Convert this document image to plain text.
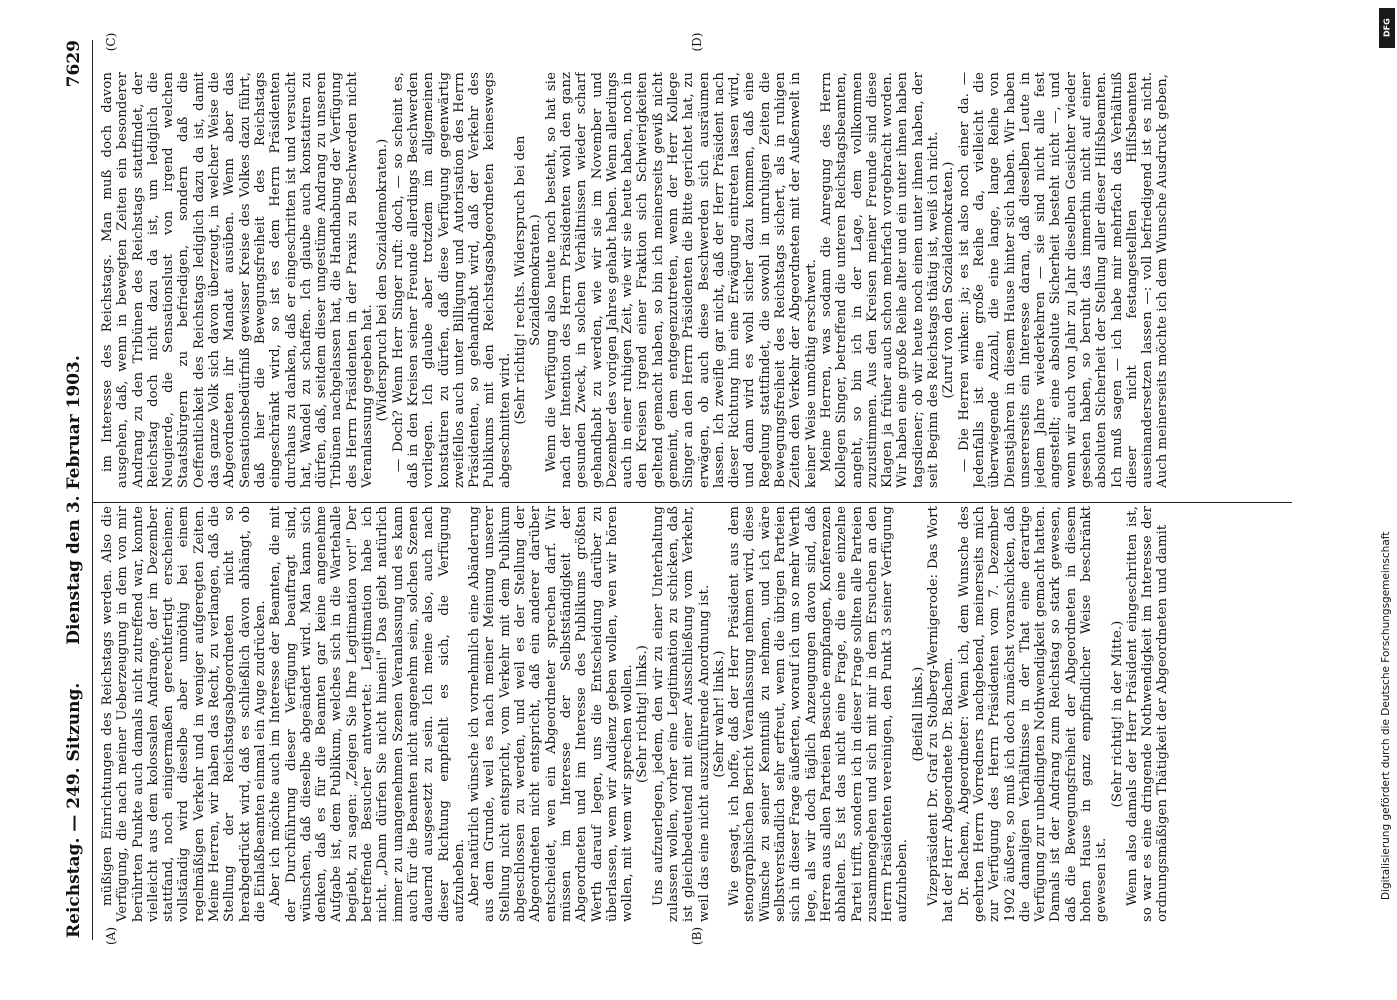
Reichstag. — 249. Sitzung.
Dienstag den 3. Februar 1903.
7629
(A)	(B)
(C)	(D)

müßigen Einrichtungen des Reichstags werden. Also die Verfügung, die nach meiner Ueberzeugung in dem von mir berührten Punkte auch damals nicht zutreffend war, konnte vielleicht aus dem kolossalen Andrange, der im Dezember stattfand, noch einigermaßen gerechtfertigt erscheinen; vollständig wird dieselbe aber unnöthig bei einem regelmäßigen Verkehr und in weniger aufgeregten Zeiten. Meine Herren, wir haben das Recht, zu verlangen, daß die Stellung der Reichstagsabgeordneten nicht so herabgedrückt wird, daß es schließlich davon abhängt, ob die Einlaßbeamten einmal ein Auge zudrücken. Aber ich möchte auch im Interesse der Beamten, die mit der Durchführung dieser Verfügung beauftragt sind, wünschen, daß dieselbe abgeändert wird. Man kann sich denken, daß es für die Beamten gar keine angenehme Aufgabe ist, dem Publikum, welches sich in die Wartehalle begiebt, zu sagen: „Zeigen Sie Ihre Legitimation vor!" Der betreffende Besucher antwortet: Legitimation habe ich nicht. „Dann dürfen Sie nicht hinein!" Das giebt natürlich immer zu unangenehmen Szenen Veranlassung und es kann auch für die Beamten nicht angenehm sein, solchen Szenen dauernd ausgesetzt zu sein. Ich meine also, auch nach dieser Richtung empfiehlt es sich, die Verfügung aufzuheben. Aber natürlich wünsche ich vornehmlich eine Abänderung aus dem Grunde, weil es nach meiner Meinung unserer Stellung nicht entspricht, vom Verkehr mit dem Publikum abgeschlossen zu werden, und weil es der Stellung der Abgeordneten nicht entspricht, daß ein anderer darüber entscheidet, wen ein Abgeordneter sprechen darf. Wir müssen im Interesse der Selbstständigkeit der Abgeordneten und im Interesse des Publikums größten Werth darauf legen, uns die Entscheidung darüber zu überlassen, wem wir Audienz geben wollen, wen wir hören wollen, mit wem wir sprechen wollen. (Sehr richtig! links.) Uns aufzuerlegen, jedem, den wir zu einer Unterhaltung zulassen wollen, vorher eine Legitimation zu schicken, daß ist gleichbedeutend mit einer Ausschließung vom Verkehr, weil das eine nicht auszuführende Anordnung ist. (Sehr wahr! links.) Wie gesagt, ich hoffe, daß der Herr Präsident aus dem stenographischen Bericht Veranlassung nehmen wird, diese Wünsche zu seiner Kenntniß zu nehmen, und ich wäre selbstverständlich sehr erfreut, wenn die übrigen Parteien sich in dieser Frage äußerten, worauf ich um so mehr Werth lege, als wir doch täglich Anzeugungen davon sind, daß Herren aus allen Parteien Besuche empfangen, Konferenzen abhalten. Es ist das nicht eine Frage, die eine einzelne Partei trifft, sondern ich in dieser Frage sollten alle Parteien zusammengehen und sich mit mir in dem Ersuchen an den Herrn Präsidenten vereinigen, den Punkt 3 seiner Verfügung aufzuheben.

(Beifall links.) Vizepräsident Dr. Graf zu Stolberg-Wernigerode: Das Wort hat der Herr Abgeordnete Dr. Bachem. Dr. Bachem, Abgeordneter: Wenn ich, dem Wunsche des geehrten Herrn Vorredners nachgebend, meinerseits mich zur Verfügung des Herrn Präsidenten vom 7. Dezember 1902 äußere, so muß ich doch zunächst voranschicken, daß die damaligen Verhältnisse in der That eine derartige Verfügung zur unbedingten Nothwendigkeit gemacht hatten. Damals ist der Andrang zum Reichstag so stark gewesen, daß die Bewegungsfreiheit der Abgeordneten in diesem hohen Hause in ganz empfindlicher Weise beschränkt gewesen ist.

(Sehr richtig! in der Mitte.) Wenn also damals der Herr Präsident eingeschritten ist, so war es eine dringende Nothwendigkeit im Interesse der ordnungsmäßigen Thätigkeit der Abgeordneten und damit

im Interesse des Reichstags. Man muß doch davon ausgehen, daß, wenn in bewegten Zeiten ein besonderer Andrang zu den Tribünen des Reichstags stattfindet, der Reichstag doch nicht dazu da ist, um lediglich die Neugierde, die Sensationslust von irgend welchen Staatsbürgern zu befriedigen, sondern daß die Oeffentlichkeit des Reichstags lediglich dazu da ist, damit das ganze Volk sich davon überzeugt, in welcher Weise die Abgeordneten ihr Mandat ausüben. Wenn aber das Sensationsbedürfniß gewisser Kreise des Volkes dazu führt, daß hier die Bewegungsfreiheit des Reichstags eingeschränkt wird, so ist es dem Herrn Präsidenten durchaus zu danken, daß er eingeschritten ist und versucht hat, Wandel zu schaffen. Ich glaube auch konstatiren zu dürfen, daß, seitdem dieser ungestüme Andrang zu unseren Tribünen nachgelassen hat, die Handhabung der Verfügung des Herrn Präsidenten in der Praxis zu Beschwerden nicht Veranlassung gegeben hat. (Widerspruch bei den Sozialdemokraten.) — Doch? Wenn Herr Singer ruft: doch, — so scheint es, daß in den Kreisen seiner Freunde allerdings Beschwerden vorliegen. Ich glaube aber trotzdem im allgemeinen konstatiren zu dürfen, daß diese Verfügung gegenwärtig zweifellos auch unter Billigung und Autorisation des Herrn Präsidenten, so gehandhabt wird, daß der Verkehr des Publikums mit den Reichstagsabgeordneten keineswegs abgeschnitten wird. (Sehr richtig! rechts. Widerspruch bei den Sozialdemokraten.) Wenn die Verfügung also heute noch besteht, so hat sie nach der Intention des Herrn Präsidenten wohl den ganz gesunden Zweck, in solchen Verhältnissen wieder scharf gehandhabt zu werden, wie wir sie im November und Dezember des vorigen Jahres gehabt haben. Wenn allerdings auch in einer ruhigen Zeit, wie wir sie heute haben, noch in den Kreisen irgend einer Fraktion sich Schwierigkeiten geltend gemacht haben, so bin ich meinerseits gewiß nicht gemeint, dem entgegenzutreten, wenn der Herr Kollege Singer an den Herrn Präsidenten die Bitte gerichtet hat, zu erwägen, ob auch diese Beschwerden sich ausräumen lassen. Ich zweifle gar nicht, daß der Herr Präsident nach dieser Richtung hin eine Erwägung eintreten lassen wird, und dann wird es wohl sicher dazu kommen, daß eine Regelung stattfindet, die sowohl in unruhigen Zeiten die Bewegungsfreiheit des Reichstags sichert, als in ruhigen Zeiten den Verkehr der Abgeordneten mit der Außenwelt in keiner Weise unnöthig erschwert. Meine Herren, was sodann die Anregung des Herrn Kollegen Singer, betreffend die unteren Reichstagsbeamten, angeht, so bin ich in der Lage, dem vollkommen zuzustimmen. Aus den Kreisen meiner Freunde sind diese Klagen ja früher auch schon mehrfach vorgebracht worden. Wir haben eine große Reihe alter und ein unter ihnen haben tagsdiener; ob wir heute noch einen unter ihnen haben, der seit Beginn des Reichstags thätig ist, weiß ich nicht. (Zuruf von den Sozialdemokraten.) — Die Herren winken: ja; es ist also noch einer da. — Jedenfalls ist eine große Reihe da, vielleicht die überwiegende Anzahl, die eine lange, lange Reihe von Dienstjahren in diesem Hause hinter sich haben. Wir haben unsererseits ein Interesse daran, daß dieselben Leute in jedem Jahre wiederkehren — sie sind nicht alle fest angestellt; eine absolute Sicherheit besteht nicht —, und wenn wir auch von Jahr zu Jahr dieselben Gesichter wieder gesehen haben, so beruht das immerhin nicht auf einer absoluten Sicherheit der Stellung aller dieser Hilfsbeamten. Ich muß sagen — ich habe mir mehrfach das Verhältniß dieser nicht festangestellten Hilfsbeamten auseinandersetzen lassen —: voll befriedigend ist es nicht. Auch meinerseits möchte ich dem Wunsche Ausdruck geben,

DFG
Digitalisierung gefördert durch die Deutsche Forschungsgemeinschaft
